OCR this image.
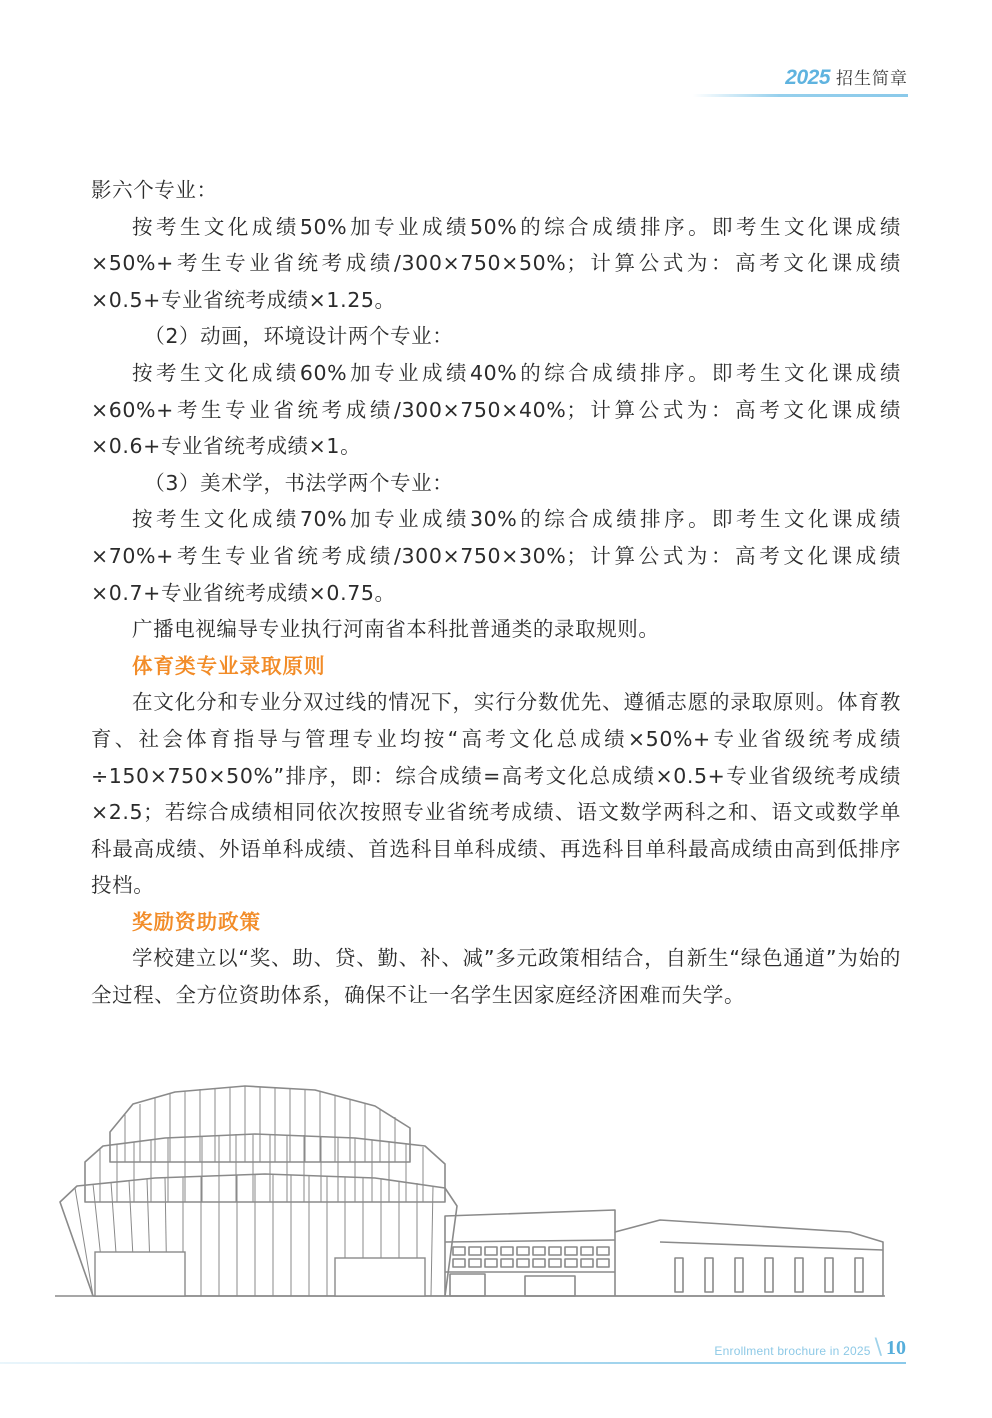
2025 招生简章

影六个专业：

按考生文化成绩50%加专业成绩50%的综合成绩排序。即考生文化课成绩×50%+考生专业省统考成绩/300×750×50%；计算公式为：高考文化课成绩×0.5+专业省统考成绩×1.25。

（2）动画，环境设计两个专业：

按考生文化成绩60%加专业成绩40%的综合成绩排序。即考生文化课成绩×60%+考生专业省统考成绩/300×750×40%；计算公式为：高考文化课成绩×0.6+专业省统考成绩×1。

（3）美术学，书法学两个专业：

按考生文化成绩70%加专业成绩30%的综合成绩排序。即考生文化课成绩×70%+考生专业省统考成绩/300×750×30%；计算公式为：高考文化课成绩×0.7+专业省统考成绩×0.75。

广播电视编导专业执行河南省本科批普通类的录取规则。

体育类专业录取原则

在文化分和专业分双过线的情况下，实行分数优先、遵循志愿的录取原则。体育教育、社会体育指导与管理专业均按“高考文化总成绩×50%+专业省级统考成绩÷150×750×50%”排序，即：综合成绩=高考文化总成绩×0.5+专业省级统考成绩×2.5；若综合成绩相同依次按照专业省统考成绩、语文数学两科之和、语文或数学单科最高成绩、外语单科成绩、首选科目单科成绩、再选科目单科最高成绩由高到低排序投档。

奖励资助政策

学校建立以“奖、助、贷、勤、补、减”多元政策相结合，自新生“绿色通道”为始的全过程、全方位资助体系，确保不让一名学生因家庭经济困难而失学。

Enrollment brochure in 2025 \ 10
